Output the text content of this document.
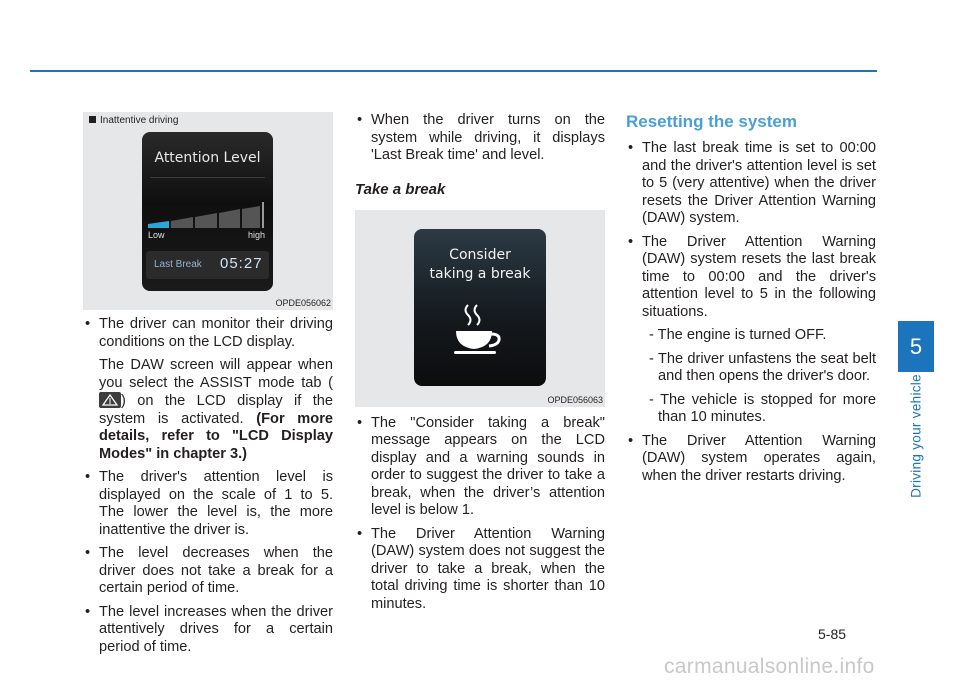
Inattentive driving
Attention Level
Low	high
Last Break 05:27
OPDE056062
• The driver can monitor their driving conditions on the LCD display.
The DAW screen will appear when you select the ASSIST mode tab (
) on the LCD display if the system is activated. (For more details, refer to "LCD Display Modes" in chapter 3.)
• The driver's attention level is displayed on the scale of 1 to 5. The lower the level is, the more inattentive the driver is.
• The level decreases when the driver does not take a break for a certain period of time.
• The level increases when the driver attentively drives for a certain period of time.
• When the driver turns on the system while driving, it displays 'Last Break time' and level.
Take a break
Consider
taking a break
OPDE056063
• The "Consider taking a break" message appears on the LCD display and a warning sounds in order to suggest the driver to take a break, when the driver’s attention level is below 1.
• The Driver Attention Warning (DAW) system does not suggest the driver to take a break, when the total driving time is shorter than 10 minutes.
Resetting the system
• The last break time is set to 00:00 and the driver's attention level is set to 5 (very attentive) when the driver resets the Driver Attention Warning (DAW) system.
• The Driver Attention Warning (DAW) system resets the last break time to 00:00 and the driver's attention level to 5 in the following situations.
- The engine is turned OFF.
- The driver unfastens the seat belt and then opens the driver's door.
- The vehicle is stopped for more than 10 minutes.
• The Driver Attention Warning (DAW) system operates again, when the driver restarts driving.
5
Driving your vehicle
5-85
carmanualsonline.info
